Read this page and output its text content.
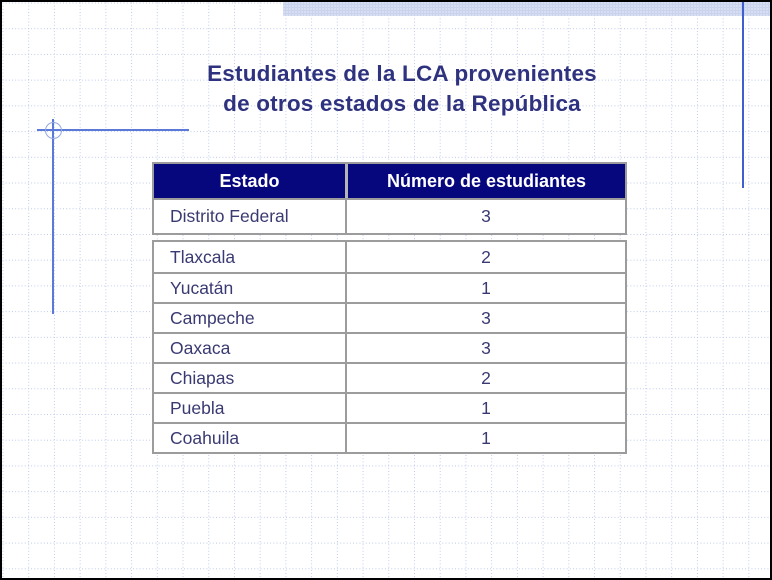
Estudiantes de la LCA provenientes
de otros estados de la República
Estado	Número de estudiantes
Distrito Federal	3
Tlaxcala	2
Yucatán	1
Campeche	3
Oaxaca	3
Chiapas	2
Puebla	1
Coahuila	1
